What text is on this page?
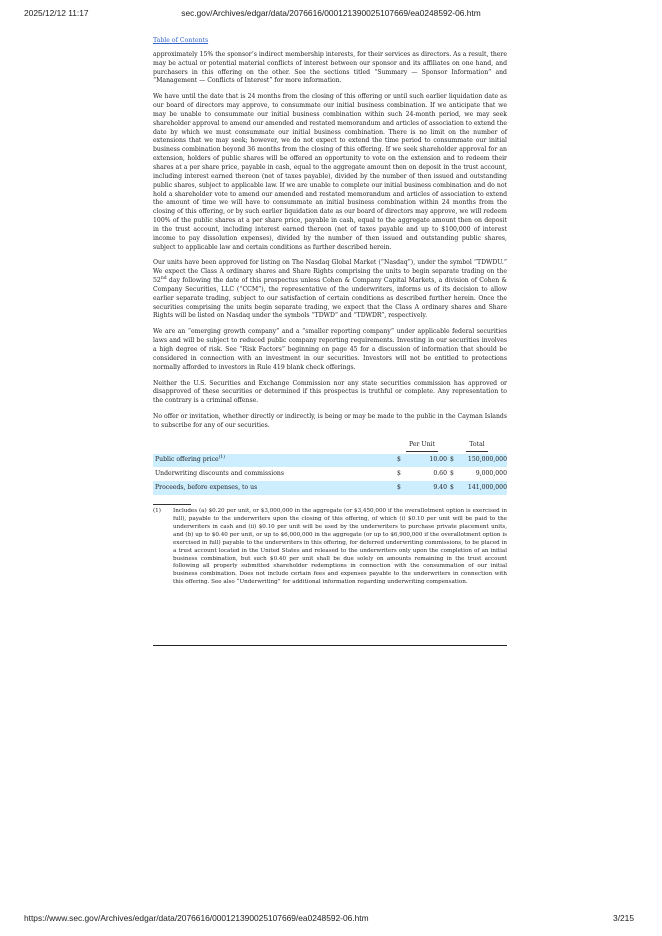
2025/12/12 11:17	sec.gov/Archives/edgar/data/2076616/000121390025107669/ea0248592-06.htm
Table of Contents

approximately 15% the sponsor’s indirect membership interests, for their services as directors. As a result, there may be actual or potential material conflicts of interest between our sponsor and its affiliates on one hand, and purchasers in this offering on the other. See the sections titled “Summary — Sponsor Information” and “Management — Conflicts of Interest” for more information.

We have until the date that is 24 months from the closing of this offering or until such earlier liquidation date as our board of directors may approve, to consummate our initial business combination. If we anticipate that we may be unable to consummate our initial business combination within such 24-month period, we may seek shareholder approval to amend our amended and restated memorandum and articles of association to extend the date by which we must consummate our initial business combination. There is no limit on the number of extensions that we may seek; however, we do not expect to extend the time period to consummate our initial business combination beyond 36 months from the closing of this offering. If we seek shareholder approval for an extension, holders of public shares will be offered an opportunity to vote on the extension and to redeem their shares at a per share price, payable in cash, equal to the aggregate amount then on deposit in the trust account, including interest earned thereon (net of taxes payable), divided by the number of then issued and outstanding public shares, subject to applicable law. If we are unable to complete our initial business combination and do not hold a shareholder vote to amend our amended and restated memorandum and articles of association to extend the amount of time we will have to consummate an initial business combination within 24 months from the closing of this offering, or by such earlier liquidation date as our board of directors may approve, we will redeem 100% of the public shares at a per share price, payable in cash, equal to the aggregate amount then on deposit in the trust account, including interest earned thereon (net of taxes payable and up to $100,000 of interest income to pay dissolution expenses), divided by the number of then issued and outstanding public shares, subject to applicable law and certain conditions as further described herein.

Our units have been approved for listing on The Nasdaq Global Market (“Nasdaq”), under the symbol “TDWDU.” We expect the Class A ordinary shares and Share Rights comprising the units to begin separate trading on the 52nd day following the date of this prospectus unless Cohen & Company Capital Markets, a division of Cohen & Company Securities, LLC (“CCM”), the representative of the underwriters, informs us of its decision to allow earlier separate trading, subject to our satisfaction of certain conditions as described further herein. Once the securities comprising the units begin separate trading, we expect that the Class A ordinary shares and Share Rights will be listed on Nasdaq under the symbols “TDWD” and “TDWDR”, respectively.

We are an “emerging growth company” and a “smaller reporting company” under applicable federal securities laws and will be subject to reduced public company reporting requirements. Investing in our securities involves a high degree of risk. See “Risk Factors” beginning on page 45 for a discussion of information that should be considered in connection with an investment in our securities. Investors will not be entitled to protections normally afforded to investors in Rule 419 blank check offerings.

Neither the U.S. Securities and Exchange Commission nor any state securities commission has approved or disapproved of these securities or determined if this prospectus is truthful or complete. Any representation to the contrary is a criminal offense.

No offer or invitation, whether directly or indirectly, is being or may be made to the public in the Cayman Islands to subscribe for any of our securities.

	Per Unit		Total	
Public offering price$^{(1)}$	$	10.00	$	150,000,000
Underwriting discounts and commissions	$	0.60	$	9,000,000
Proceeds, before expenses, to us	$	9.40	$	141,000,000
(1)	Includes (a) $0.20 per unit, or $3,000,000 in the aggregate (or $3,450,000 if the overallotment option is exercised in full), payable to the underwriters upon the closing of this offering, of which (i) $0.10 per unit will be paid to the underwriters in cash and (ii) $0.10 per unit will be used by the underwriters to purchase private placement units, and (b) up to $0.40 per unit, or up to $6,000,000 in the aggregate (or up to $6,900,000 if the overallotment option is exercised in full) payable to the underwriters in this offering, for deferred underwriting commissions, to be placed in a trust account located in the United States and released to the underwriters only upon the completion of an initial business combination, but such $0.40 per unit shall be due solely on amounts remaining in the trust account following all properly submitted shareholder redemptions in connection with the consummation of our initial business combination. Does not include certain fees and expenses payable to the underwriters in connection with this offering. See also “Underwriting” for additional information regarding underwriting compensation.
https://www.sec.gov/Archives/edgar/data/2076616/000121390025107669/ea0248592-06.htm	3/215
